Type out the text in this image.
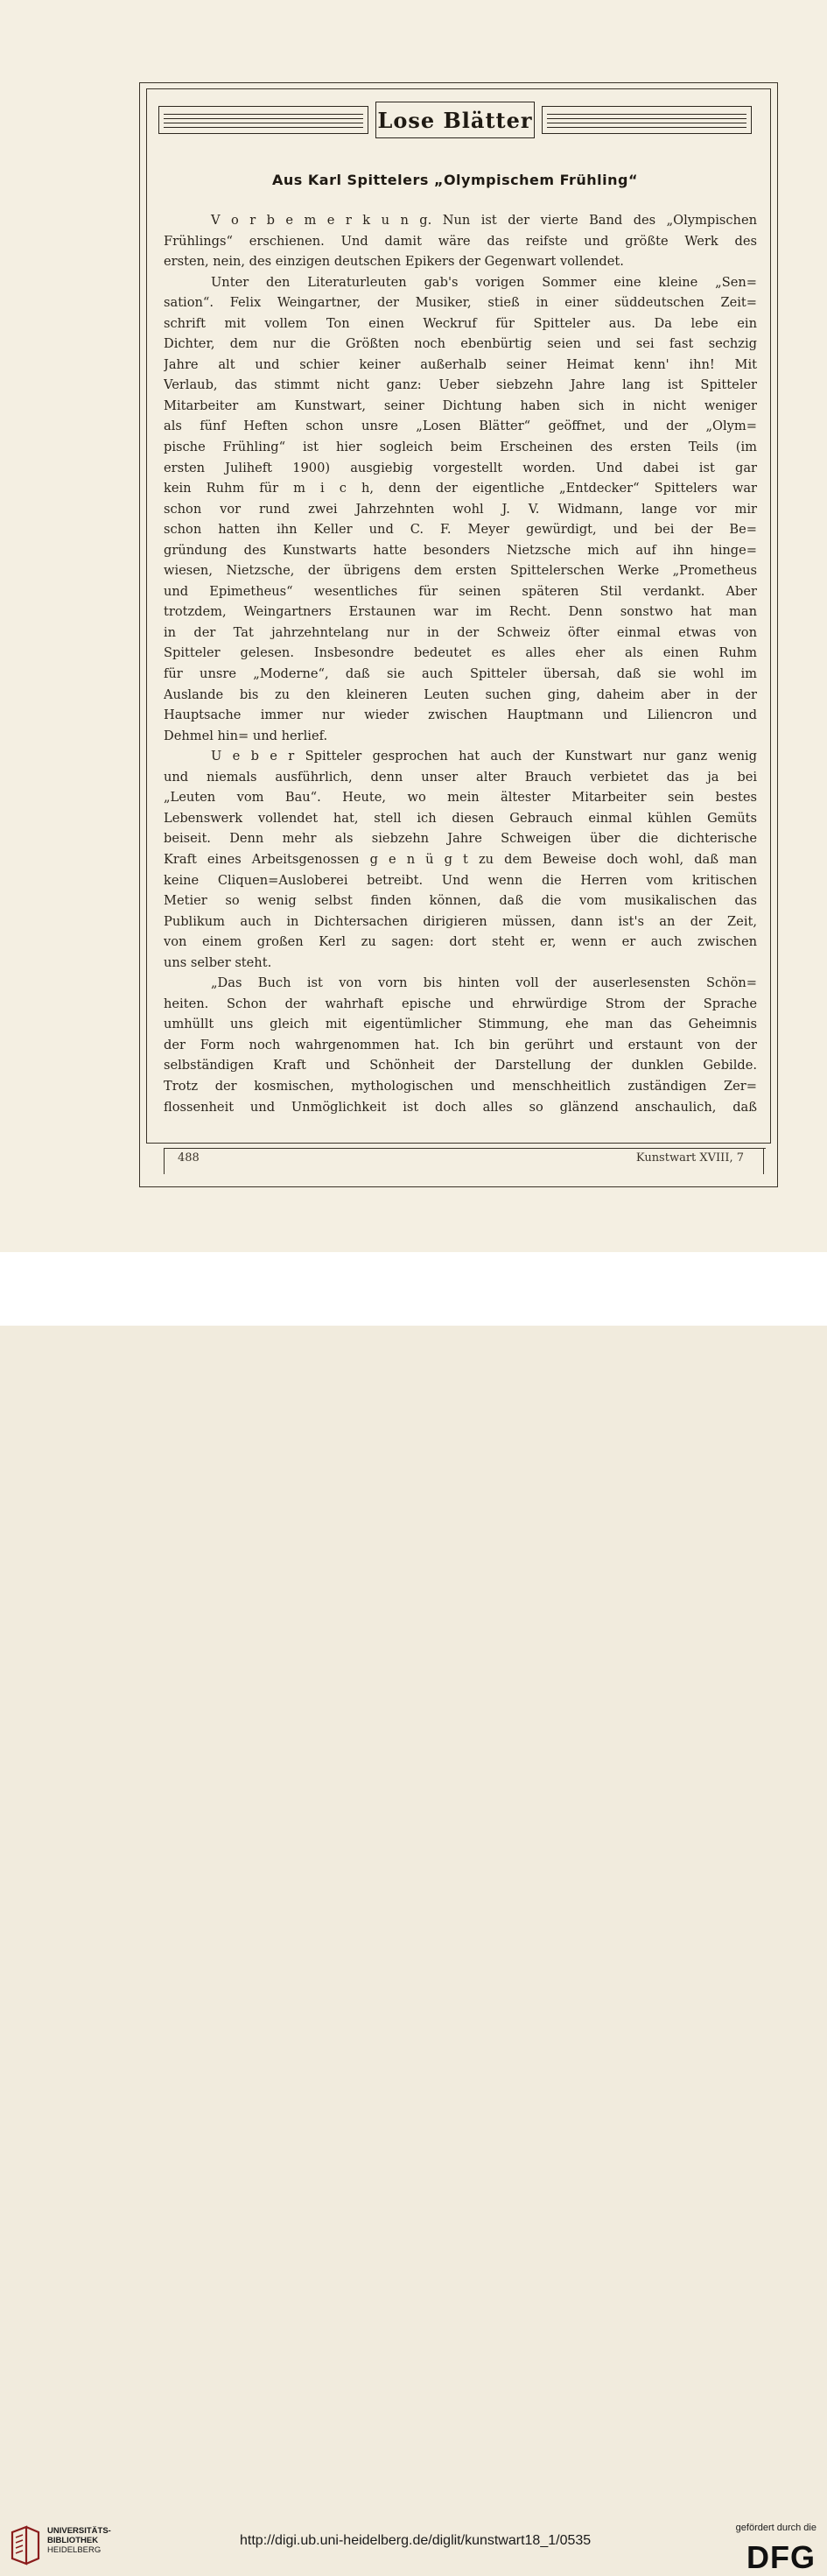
Lose Blätter
Aus Karl Spittelers „Olympischem Frühling“
V o r b e m e r k u n g. Nun ist der vierte Band des „Olympischen
Frühlings“ erschienen. Und damit wäre das reifste und größte Werk des
ersten, nein, des einzigen deutschen Epikers der Gegenwart vollendet.
Unter den Literaturleuten gab's vorigen Sommer eine kleine „Sen=
sation“. Felix Weingartner, der Musiker, stieß in einer süddeutschen Zeit=
schrift mit vollem Ton einen Weckruf für Spitteler aus. Da lebe ein
Dichter, dem nur die Größten noch ebenbürtig seien und sei fast sechzig
Jahre alt und schier keiner außerhalb seiner Heimat kenn' ihn! Mit
Verlaub, das stimmt nicht ganz: Ueber siebzehn Jahre lang ist Spitteler
Mitarbeiter am Kunstwart, seiner Dichtung haben sich in nicht weniger
als fünf Heften schon unsre „Losen Blätter“ geöffnet, und der „Olym=
pische Frühling“ ist hier sogleich beim Erscheinen des ersten Teils (im
ersten Juliheft 1900) ausgiebig vorgestellt worden. Und dabei ist gar
kein Ruhm für m i c h, denn der eigentliche „Entdecker“ Spittelers war
schon vor rund zwei Jahrzehnten wohl J. V. Widmann, lange vor mir
schon hatten ihn Keller und C. F. Meyer gewürdigt, und bei der Be=
gründung des Kunstwarts hatte besonders Nietzsche mich auf ihn hinge=
wiesen, Nietzsche, der übrigens dem ersten Spittelerschen Werke „Prometheus
und Epimetheus“ wesentliches für seinen späteren Stil verdankt. Aber
trotzdem, Weingartners Erstaunen war im Recht. Denn sonstwo hat man
in der Tat jahrzehntelang nur in der Schweiz öfter einmal etwas von
Spitteler gelesen. Insbesondre bedeutet es alles eher als einen Ruhm
für unsre „Moderne“, daß sie auch Spitteler übersah, daß sie wohl im
Auslande bis zu den kleineren Leuten suchen ging, daheim aber in der
Hauptsache immer nur wieder zwischen Hauptmann und Liliencron und
Dehmel hin= und herlief.
U e b e r Spitteler gesprochen hat auch der Kunstwart nur ganz wenig
und niemals ausführlich, denn unser alter Brauch verbietet das ja bei
„Leuten vom Bau“. Heute, wo mein ältester Mitarbeiter sein bestes
Lebenswerk vollendet hat, stell ich diesen Gebrauch einmal kühlen Gemüts
beiseit. Denn mehr als siebzehn Jahre Schweigen über die dichterische
Kraft eines Arbeitsgenossen g e n ü g t zu dem Beweise doch wohl, daß man
keine Cliquen=Ausloberei betreibt. Und wenn die Herren vom kritischen
Metier so wenig selbst finden können, daß die vom musikalischen das
Publikum auch in Dichtersachen dirigieren müssen, dann ist's an der Zeit,
von einem großen Kerl zu sagen: dort steht er, wenn er auch zwischen
uns selber steht.
„Das Buch ist von vorn bis hinten voll der auserlesensten Schön=
heiten. Schon der wahrhaft epische und ehrwürdige Strom der Sprache
umhüllt uns gleich mit eigentümlicher Stimmung, ehe man das Geheimnis
der Form noch wahrgenommen hat. Ich bin gerührt und erstaunt von der
selbständigen Kraft und Schönheit der Darstellung der dunklen Gebilde.
Trotz der kosmischen, mythologischen und menschheitlich zuständigen Zer=
flossenheit und Unmöglichkeit ist doch alles so glänzend anschaulich, daß
488	Kunstwart XVIII, 7
UNIVERSITÄTS-
BIBLIOTHEK
HEIDELBERG
http://digi.ub.uni-heidelberg.de/diglit/kunstwart18_1/0535
gefördert durch die
DFG
